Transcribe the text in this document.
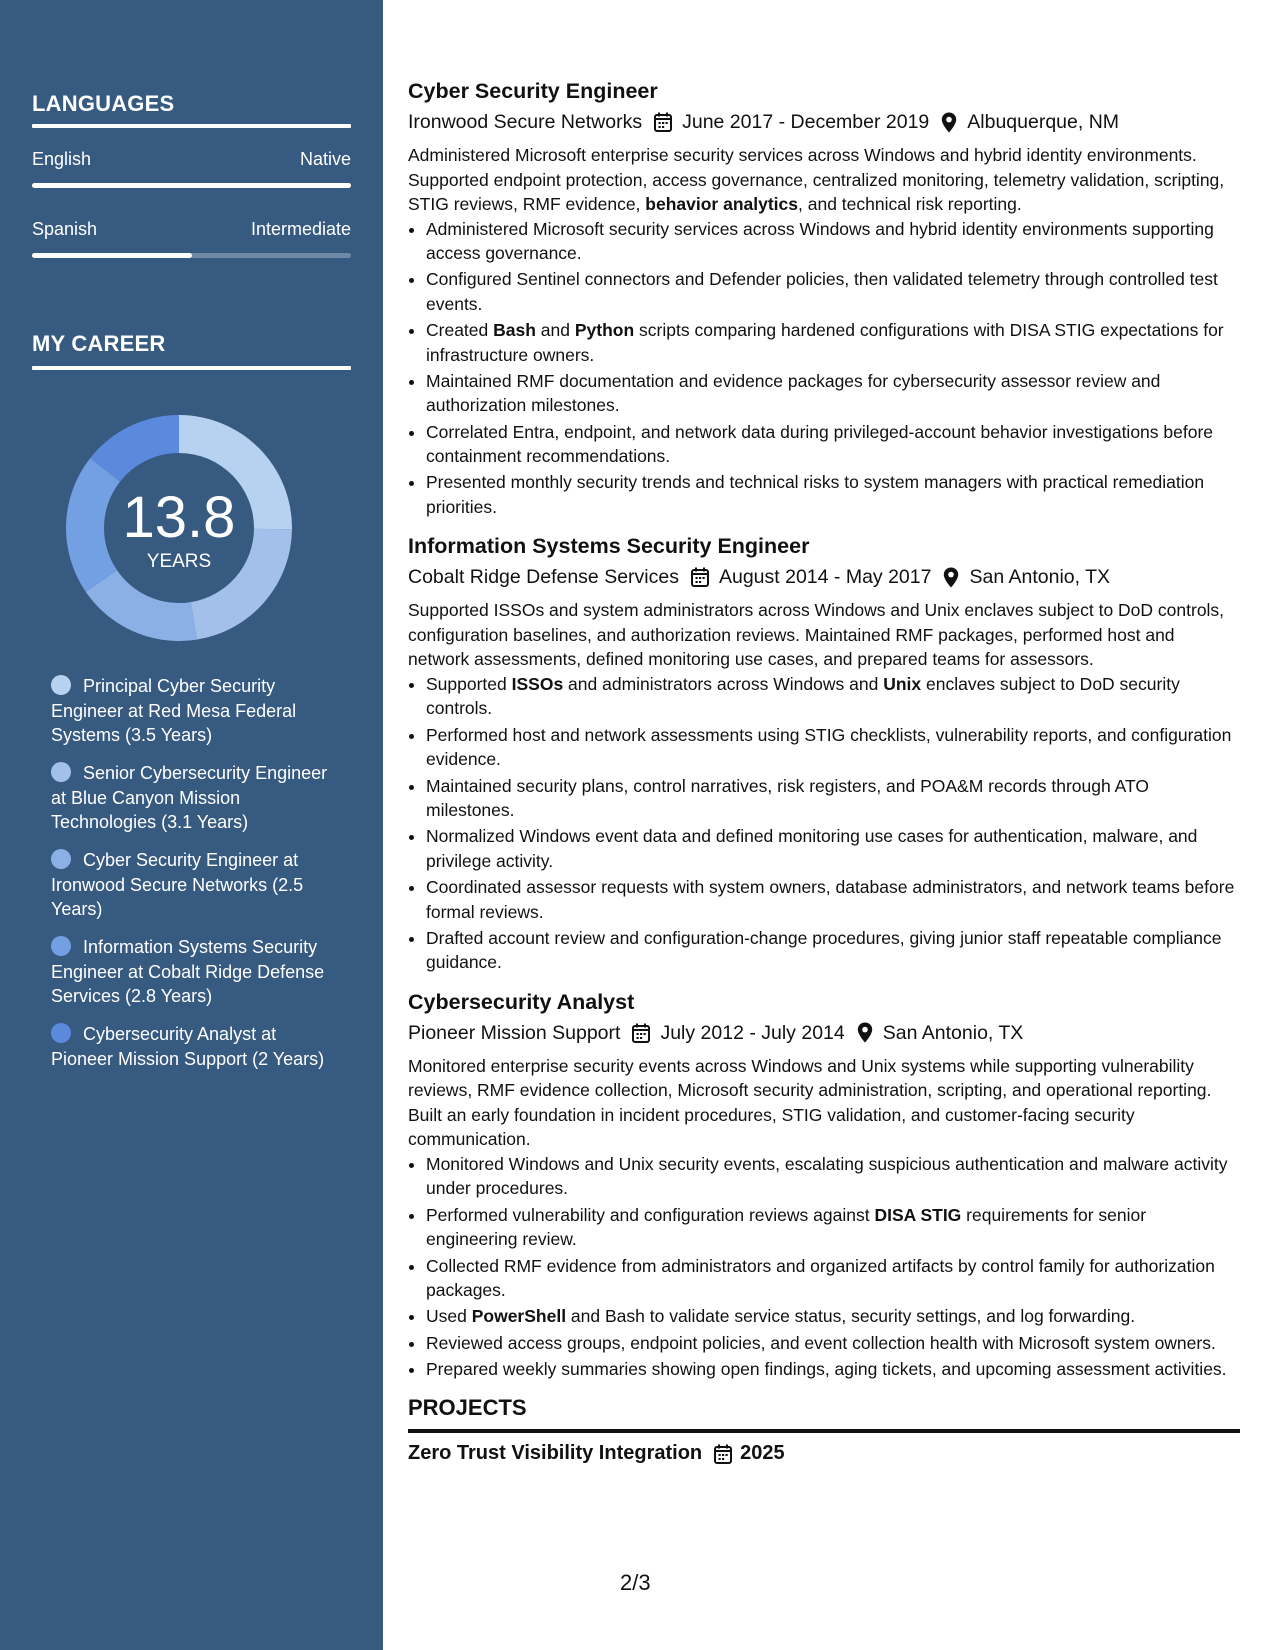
LANGUAGES
English	Native
Spanish	Intermediate
MY CAREER
13.8
YEARS
Principal Cyber Security Engineer at Red Mesa Federal Systems (3.5 Years)
Senior Cybersecurity Engineer at Blue Canyon Mission Technologies (3.1 Years)
Cyber Security Engineer at Ironwood Secure Networks (2.5 Years)
Information Systems Security Engineer at Cobalt Ridge Defense Services (2.8 Years)
Cybersecurity Analyst at Pioneer Mission Support (2 Years)
Cyber Security Engineer
Ironwood Secure Networks June 2017 - December 2019 Albuquerque, NM

Administered Microsoft enterprise security services across Windows and hybrid identity environments. Supported endpoint protection, access governance, centralized monitoring, telemetry validation, scripting, STIG reviews, RMF evidence, behavior analytics, and technical risk reporting.

• Administered Microsoft security services across Windows and hybrid identity environments supporting access governance.
• Configured Sentinel connectors and Defender policies, then validated telemetry through controlled test events.
• Created Bash and Python scripts comparing hardened configurations with DISA STIG expectations for infrastructure owners.
• Maintained RMF documentation and evidence packages for cybersecurity assessor review and authorization milestones.
• Correlated Entra, endpoint, and network data during privileged-account behavior investigations before containment recommendations.
• Presented monthly security trends and technical risks to system managers with practical remediation priorities.
Information Systems Security Engineer
Cobalt Ridge Defense Services August 2014 - May 2017 San Antonio, TX

Supported ISSOs and system administrators across Windows and Unix enclaves subject to DoD controls, configuration baselines, and authorization reviews. Maintained RMF packages, performed host and network assessments, defined monitoring use cases, and prepared teams for assessors.

• Supported ISSOs and administrators across Windows and Unix enclaves subject to DoD security controls.
• Performed host and network assessments using STIG checklists, vulnerability reports, and configuration evidence.
• Maintained security plans, control narratives, risk registers, and POA&M records through ATO milestones.
• Normalized Windows event data and defined monitoring use cases for authentication, malware, and privilege activity.
• Coordinated assessor requests with system owners, database administrators, and network teams before formal reviews.
• Drafted account review and configuration-change procedures, giving junior staff repeatable compliance guidance.
Cybersecurity Analyst
Pioneer Mission Support July 2012 - July 2014 San Antonio, TX

Monitored enterprise security events across Windows and Unix systems while supporting vulnerability reviews, RMF evidence collection, Microsoft security administration, scripting, and operational reporting. Built an early foundation in incident procedures, STIG validation, and customer-facing security communication.

• Monitored Windows and Unix security events, escalating suspicious authentication and malware activity under procedures.
• Performed vulnerability and configuration reviews against DISA STIG requirements for senior engineering review.
• Collected RMF evidence from administrators and organized artifacts by control family for authorization packages.
• Used PowerShell and Bash to validate service status, security settings, and log forwarding.
• Reviewed access groups, endpoint policies, and event collection health with Microsoft system owners.
• Prepared weekly summaries showing open findings, aging tickets, and upcoming assessment activities.
PROJECTS
Zero Trust Visibility Integration 2025
2/3
